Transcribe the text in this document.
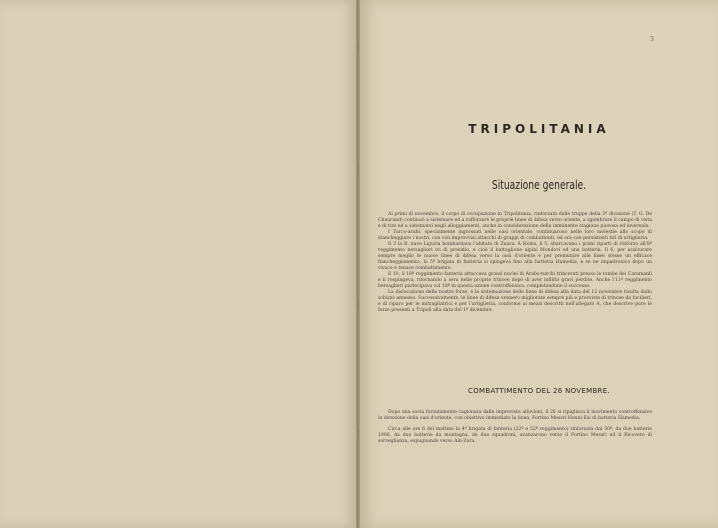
3
TRIPOLITANIA
Situazione generale.

Ai primi di novembre, il corpo di occupazione in Tripolitania, rinforzato dalle truppe della 3ª divisione (T. G. De Chaurand) continuò a sistemare ed a rafforzare le proprie linee di difesa verso oriente, a sgombrare il campo di vista e di tiro ed a sistemarsi negli alloggiamenti, anche in considerazione della imminente stagione piovosa ed invernale.

I Turco-arabi, specialmente ingrossati nelle oasi orientale, continuarono nelle loro molestie allo scopo di stancheggiare i nostri, con con improvvisi attacchi di gruppi di combattenti, ed ora con persistenti tiri di artiglieria.

Il 3 la R. nave Liguria bombardava l'abitato di Zuara. A Homs, il 5, sbarcavano i primi riparti di rinforzo all'8º reggimento bersaglieri ivi di presidio, e cioè il battaglione alpini Mondovì ed una batteria. Il 6, per assicurare sempre meglio le nuove linee di difesa verso la oasi d'oriente e per premunire alle linee stesse un efficace fiancheggiamento, la 5ª brigata di fanteria si spingeva fino alla batteria Hamedia, e se ne impadroniva dopo un vivace e tenace combattimento.

Il 10, il 18º reggimento fanteria attaccava grossi nuclei di Arabo-turchi trincerati presso le tombe dei Caramanli e li respingeva, ritornando a sera nelle proprie trincee dopo di aver inflitto gravi perdite. Anche l'11º reggimento bersaglieri partecipava col 18º in questa azione controffensiva, completandone il successo.

La dislocazione delle nostre forze, e la sistemazione delle linee di difesa alla data del 12 novembre risulta dallo schizzo annesso. Successivamente, le linee di difesa vennero migliorate sempre più e provviste di trincee da fucilieri, e di riparo per le mitragliatrici e per l'artiglieria, conforme ai mezzi descritti nell'allegato A, che descrive pure le forze presenti a Tripoli alla data del 1º dicembre.

COMBATTIMENTO DEL 26 NOVEMBRE.

Dopo una sosta forzatamente cagionata dalle impreviste alluvioni, il 26 si ripigliava il movimento controffensivo in direzione della oasi d'oriente, con obiettivo immediato la linea, Fortino Messri-Henni-Esi di batteria Hamedia.

Circa alle ore 6 del mattino la 4ª brigata di fanteria (22º e 52º reggimento) rinforzata dal 50º, da due batterie 1906, da due batterie da montagna, da due squadroni, avanzarono verso il Fortino Messri ed il Ricovero di sorveglianza, espugnando verso Ain-Zara.
